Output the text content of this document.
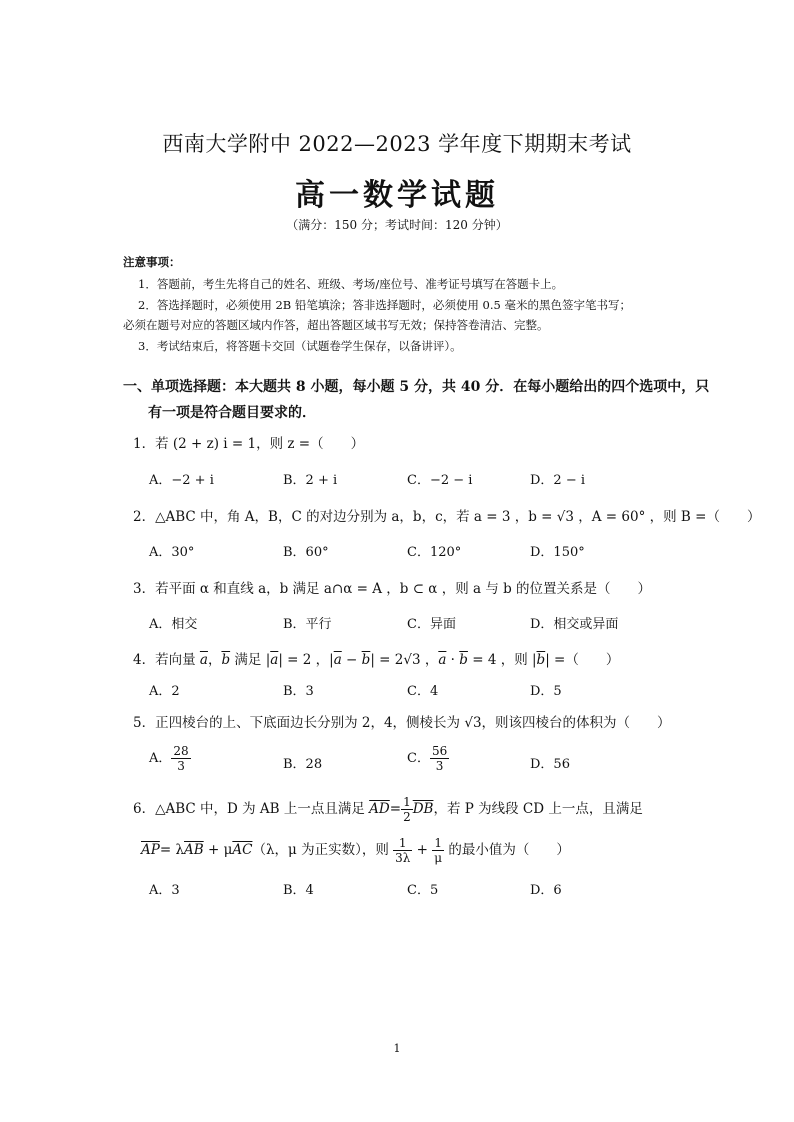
西南大学附中 2022—2023 学年度下期期末考试
高一数学试题
（满分：150 分；考试时间：120 分钟）
注意事项：
1．答题前，考生先将自己的姓名、班级、考场/座位号、准考证号填写在答题卡上。
2．答选择题时，必须使用 2B 铅笔填涂；答非选择题时，必须使用 0.5 毫米的黑色签字笔书写；
必须在题号对应的答题区域内作答，超出答题区域书写无效；保持答卷清洁、完整。
3．考试结束后，将答题卡交回（试题卷学生保存，以备讲评）。
一、单项选择题：本大题共 8 小题，每小题 5 分，共 40 分．在每小题给出的四个选项中，只
有一项是符合题目要求的．
1．若 (2 + z) i = 1，则 z =（　　）
A．−2 + i	B．2 + i	C．−2 − i	D．2 − i
2．△ABC 中，角 A，B，C 的对边分别为 a，b，c，若 a = 3 ，b = √3 ，A = 60° ，则 B =（　　）
A．30°	B．60°	C．120°	D．150°
3．若平面 α 和直线 a，b 满足 a∩α = A ，b ⊂ α ，则 a 与 b 的位置关系是（　　）
A．相交	B．平行	C．异面	D．相交或异面
4．若向量 $\overline{a}$，$\overline{b}$ 满足 $|\overline{a}| = 2$ ，$|\overline{a} - \overline{b}| = 2√3$ ，$\overline{a} \cdot \overline{b} = 4$ ，则 $|\overline{b}|$ =（　　）
A．2	B．3	C．4	D．5
5．正四棱台的上、下底面边长分别为 2，4，侧棱长为 √3，则该四棱台的体积为（　　）
A． $\frac{28}{3}$	B．28	C． $\frac{56}{3}$	D．56
6．△ABC 中，D 为 AB 上一点且满足 $\overline{AD}= \frac{1}{2} \overline{DB}$，若 P 为线段 CD 上一点，且满足
$\overline{AP}= \lambda\overline{AB} + \mu\overline{AC}(\lambda$，μ 为正实数），则 $\frac{1}{3\lambda} + \frac{1}{\mu}$ 的最小值为（　　）
A．3	B．4	C．5	D．6
1
